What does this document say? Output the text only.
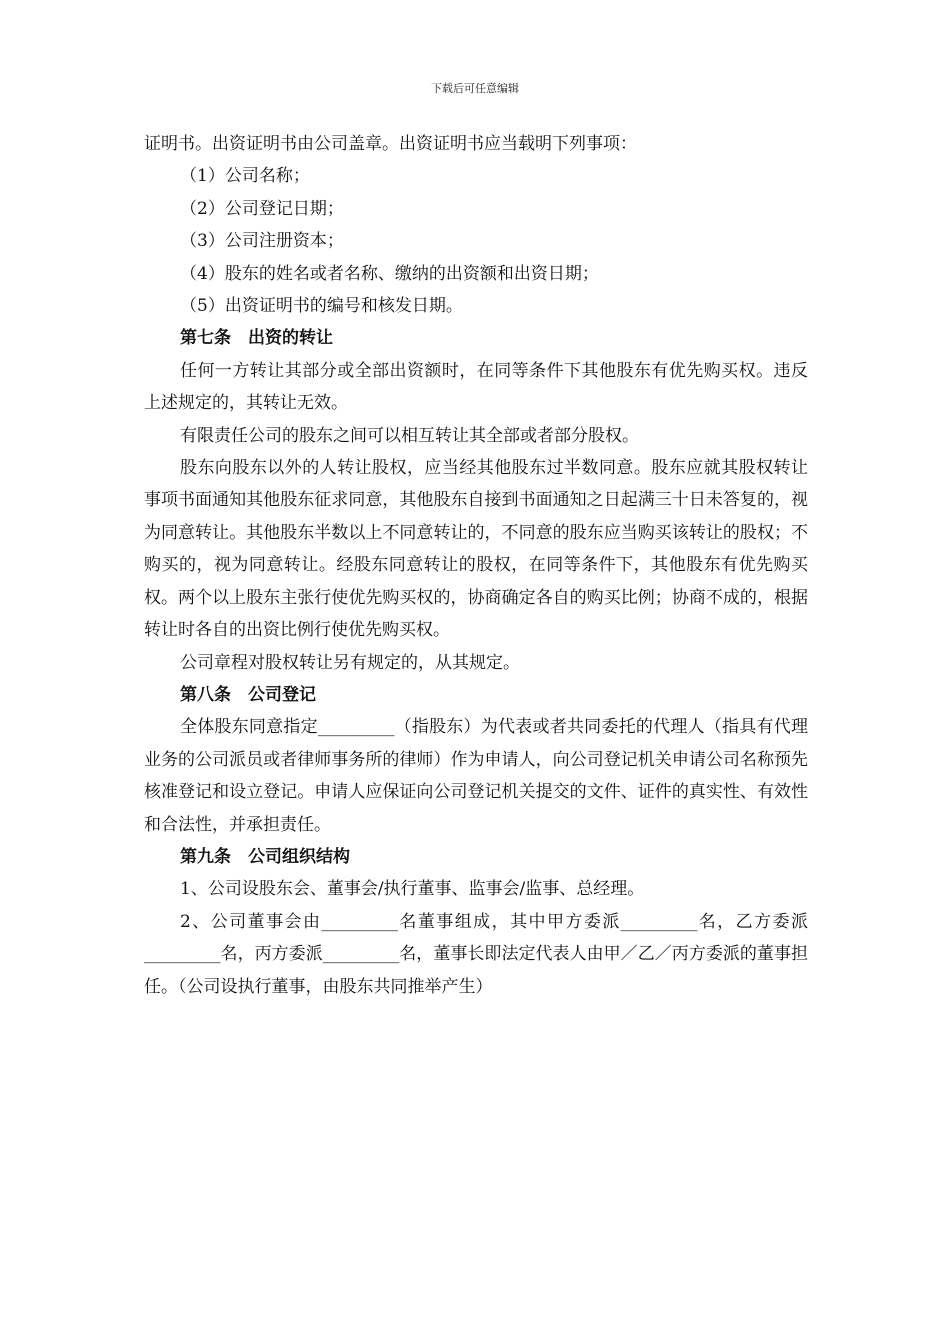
下载后可任意编辑

证明书。出资证明书由公司盖章。出资证明书应当载明下列事项：

（1）公司名称；

（2）公司登记日期；

（3）公司注册资本；

（4）股东的姓名或者名称、缴纳的出资额和出资日期；

（5）出资证明书的编号和核发日期。

第七条　出资的转让

任何一方转让其部分或全部出资额时，在同等条件下其他股东有优先购买权。违反上述规定的，其转让无效。

有限责任公司的股东之间可以相互转让其全部或者部分股权。

股东向股东以外的人转让股权，应当经其他股东过半数同意。股东应就其股权转让事项书面通知其他股东征求同意，其他股东自接到书面通知之日起满三十日未答复的，视为同意转让。其他股东半数以上不同意转让的，不同意的股东应当购买该转让的股权；不购买的，视为同意转让。经股东同意转让的股权，在同等条件下，其他股东有优先购买权。两个以上股东主张行使优先购买权的，协商确定各自的购买比例；协商不成的，根据转让时各自的出资比例行使优先购买权。

公司章程对股权转让另有规定的，从其规定。

第八条　公司登记

全体股东同意指定_________（指股东）为代表或者共同委托的代理人（指具有代理业务的公司派员或者律师事务所的律师）作为申请人，向公司登记机关申请公司名称预先核准登记和设立登记。申请人应保证向公司登记机关提交的文件、证件的真实性、有效性和合法性，并承担责任。

第九条　公司组织结构

1、公司设股东会、董事会/执行董事、监事会/监事、总经理。

2、公司董事会由_________名董事组成，其中甲方委派_________名，乙方委派_________名，丙方委派_________名，董事长即法定代表人由甲／乙／丙方委派的董事担任。（公司设执行董事，由股东共同推举产生）
